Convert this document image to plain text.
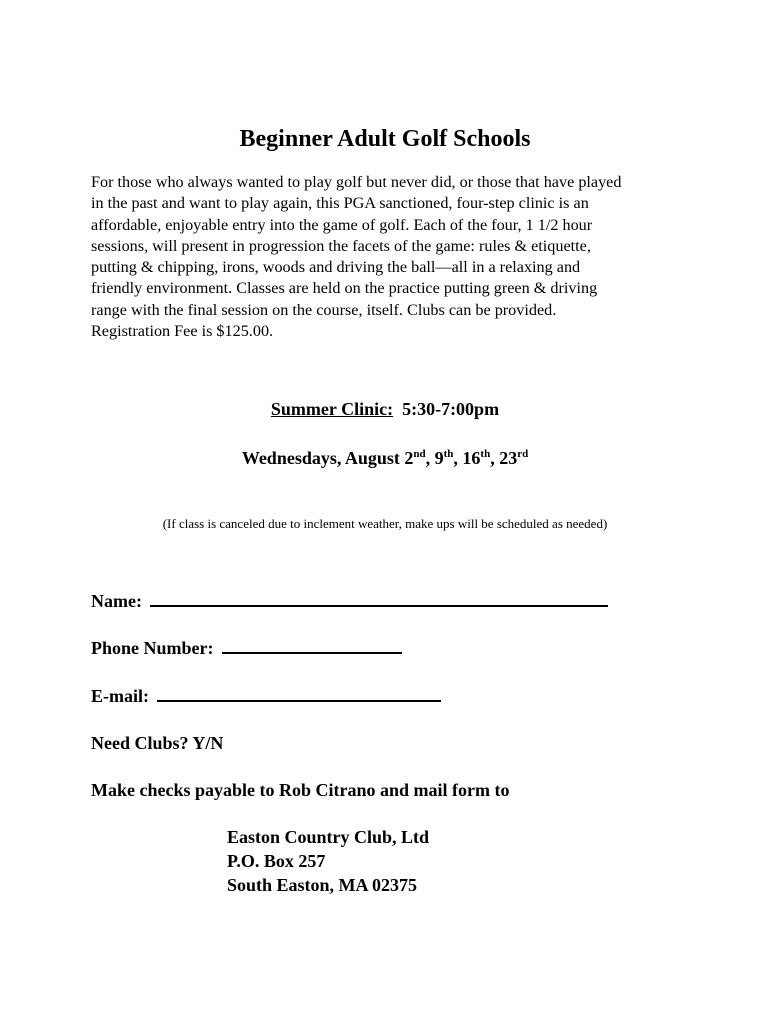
Beginner Adult Golf Schools
For those who always wanted to play golf but never did, or those that have played
in the past and want to play again, this PGA sanctioned, four-step clinic is an
affordable, enjoyable entry into the game of golf. Each of the four, 1 1/2 hour
sessions, will present in progression the facets of the game: rules & etiquette,
putting & chipping, irons, woods and driving the ball—all in a relaxing and
friendly environment. Classes are held on the practice putting green & driving
range with the final session on the course, itself. Clubs can be provided.
Registration Fee is $125.00.
Summer Clinic: 5:30-7:00pm
Wednesdays, August 2nd, 9th, 16th, 23rd
(If class is canceled due to inclement weather, make ups will be scheduled as needed)
Name:
Phone Number:
E-mail:
Need Clubs? Y/N
Make checks payable to Rob Citrano and mail form to
Easton Country Club, Ltd
P.O. Box 257
South Easton, MA 02375
